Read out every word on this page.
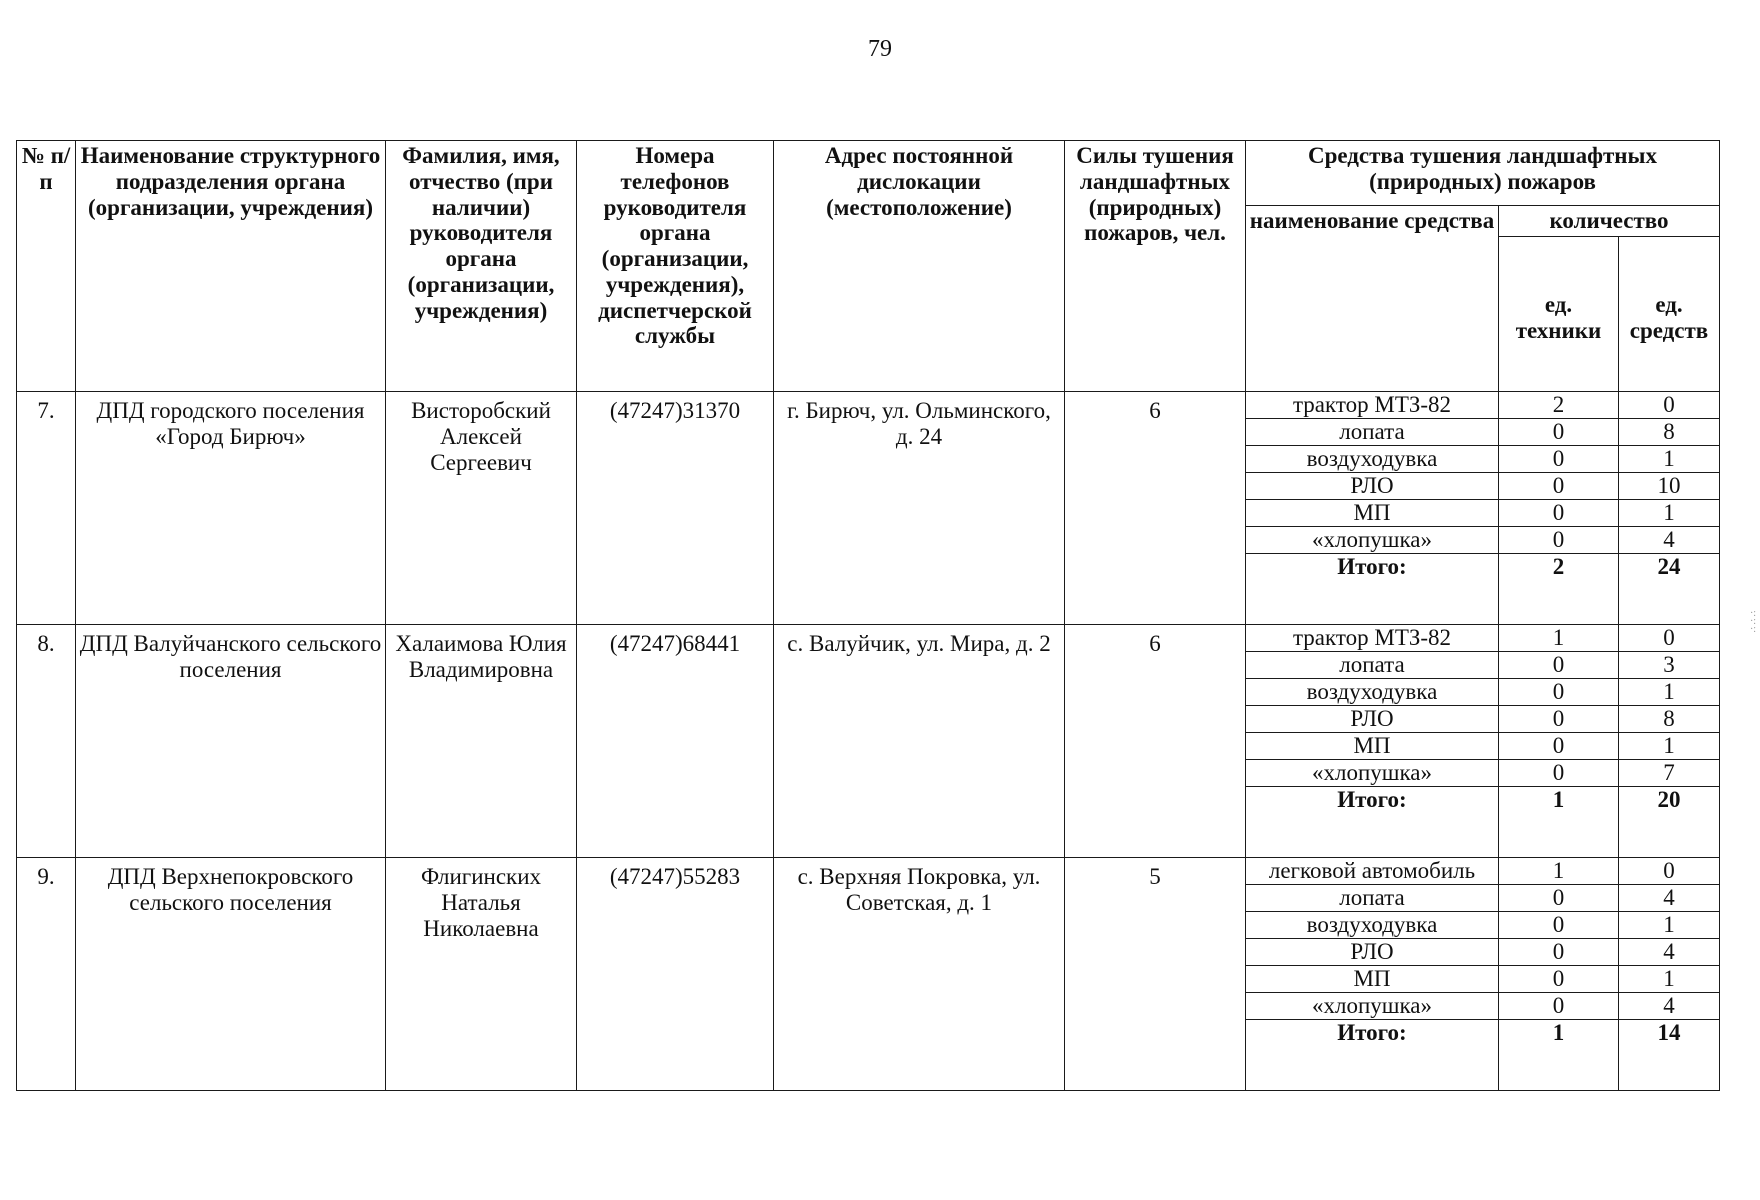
79
№ п/п	Наименование структурного подразделения органа (организации, учреждения)	Фамилия, имя, отчество (при наличии) руководителя органа (организации, учреждения)	Номера телефонов руководителя органа (организации, учреждения), диспетчерской службы	Адрес постоянной дислокации (местоположение)	Силы тушения ландшафтных (природных) пожаров, чел.	Средства тушения ландшафтных (природных) пожаров		
						наименование средства	количество	
							ед. техники	ед. средств
7.	ДПД городского поселения «Город Бирюч»	Висторобский Алексей Сергеевич	(47247)31370	г. Бирюч, ул. Ольминского, д. 24	6	трактор МТЗ-82	2	0
						лопата	0	8
						воздуходувка	0	1
						РЛО	0	10
						МП	0	1
						«хлопушка»	0	4
						Итого:	2	24
8.	ДПД Валуйчанского сельского поселения	Халаимова Юлия Владимировна	(47247)68441	с. Валуйчик, ул. Мира, д. 2	6	трактор МТЗ-82	1	0
						лопата	0	3
						воздуходувка	0	1
						РЛО	0	8
						МП	0	1
						«хлопушка»	0	7
						Итого:	1	20
9.	ДПД Верхнепокровского сельского поселения	Флигинских Наталья Николаевна	(47247)55283	с. Верхняя Покровка, ул. Советская, д. 1	5	легковой автомобиль	1	0
						лопата	0	4
						воздуходувка	0	1
						РЛО	0	4
						МП	0	1
						«хлопушка»	0	4
						Итого:	1	14
·:
·:
·:
